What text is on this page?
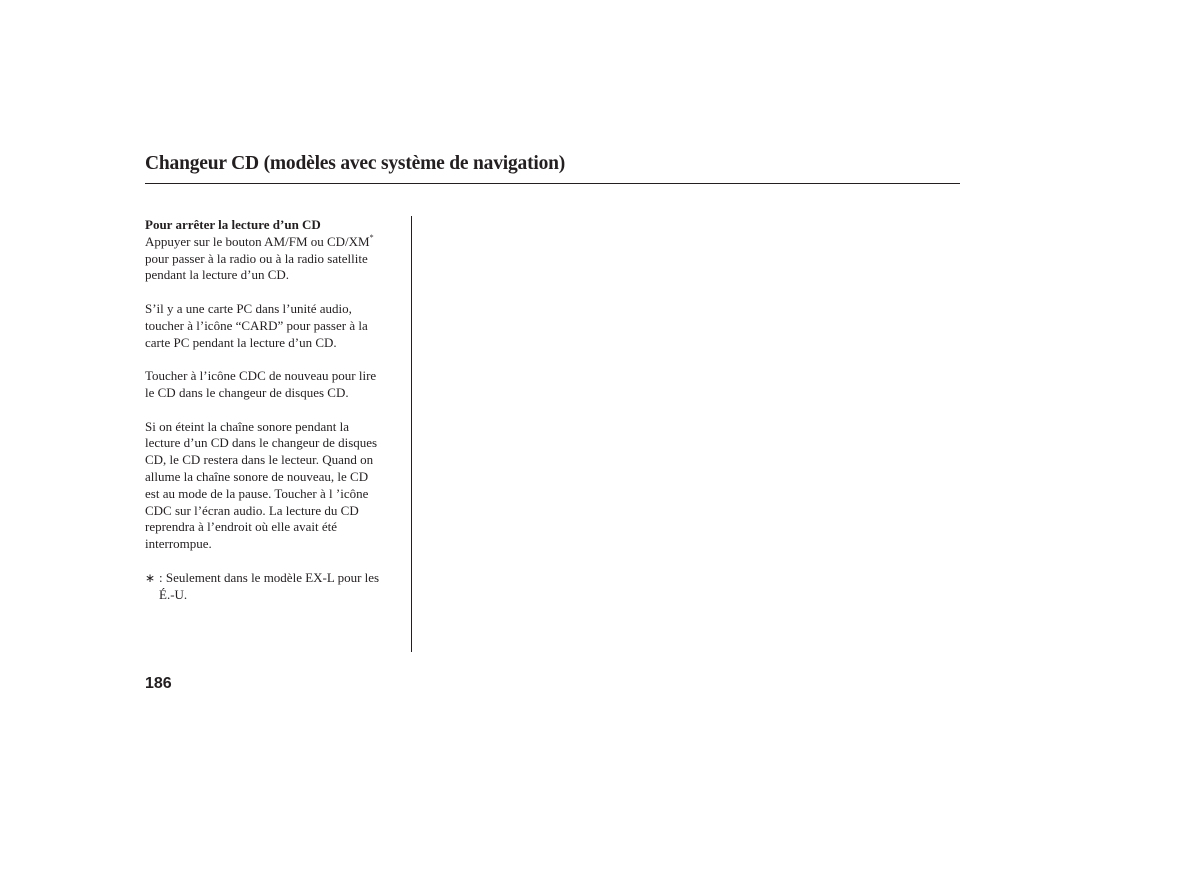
Changeur CD (modèles avec système de navigation)

Pour arrêter la lecture d’un CD

Appuyer sur le bouton AM/FM ou CD/XM*
pour passer à la radio ou à la radio satellite
pendant la lecture d’un CD.

S’il y a une carte PC dans l’unité audio,
toucher à l’icône “CARD” pour passer à la
carte PC pendant la lecture d’un CD.

Toucher à l’icône CDC de nouveau pour lire
le CD dans le changeur de disques CD.

Si on éteint la chaîne sonore pendant la
lecture d’un CD dans le changeur de disques
CD, le CD restera dans le lecteur. Quand on
allume la chaîne sonore de nouveau, le CD
est au mode de la pause. Toucher à l ’icône
CDC sur l’écran audio. La lecture du CD
reprendra à l’endroit où elle avait été
interrompue.

∗ : Seulement dans le modèle EX-L pour les
É.-U.
186
